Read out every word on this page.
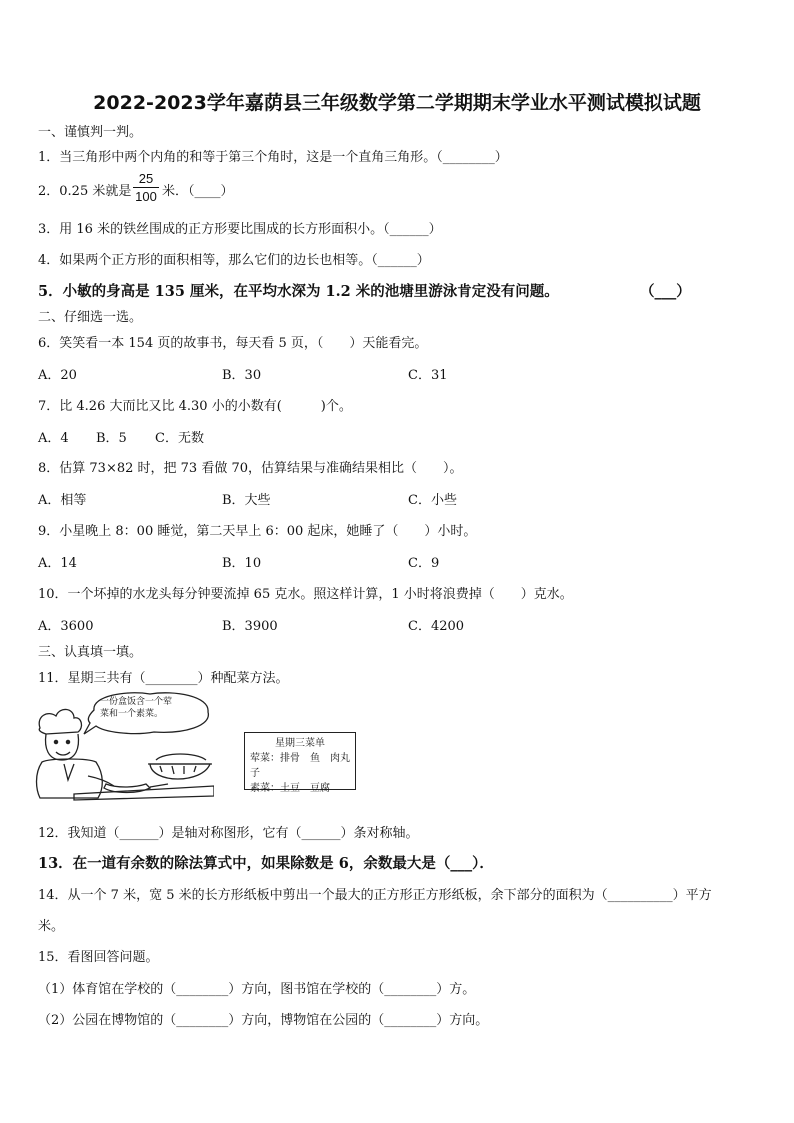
2022-2023学年嘉荫县三年级数学第二学期期末学业水平测试模拟试题
一、谨慎判一判。
1．当三角形中两个内角的和等于第三个角时，这是一个直角三角形。（________）
2．0.25 米就是
25
100 米．（____）
3．用 16 米的铁丝围成的正方形要比围成的长方形面积小。（______）
4．如果两个正方形的面积相等，那么它们的边长也相等。（______）
5．小敏的身高是 135 厘米，在平均水深为 1.2 米的池塘里游泳肯定没有问题。	（___）
二、仔细选一选。
6．笑笑看一本 154 页的故事书，每天看 5 页，（　　）天能看完。
A．20	B．30	C．31
7．比 4.26 大而比又比 4.30 小的小数有(　　　)个。
A．4 B．5 C．无数
8．估算 73×82 时，把 73 看做 70，估算结果与准确结果相比（　　）。
A．相等	B．大些	C．小些
9．小星晚上 8：00 睡觉，第二天早上 6：00 起床，她睡了（　　）小时。
A．14	B．10	C．9
10．一个坏掉的水龙头每分钟要流掉 65 克水。照这样计算，1 小时将浪费掉（　　）克水。
A．3600	B．3900	C．4200
三、认真填一填。
11．星期三共有（________）种配菜方法。
一份盒饭含一个荤
菜和一个素菜。
星期三菜单
荤菜：排骨　鱼　肉丸子
素菜：土豆　豆腐
12．我知道（______）是轴对称图形，它有（______）条对称轴。
13．在一道有余数的除法算式中，如果除数是 6，余数最大是（___）．
14．从一个 7 米，宽 5 米的长方形纸板中剪出一个最大的正方形正方形纸板，余下部分的面积为（__________）平方
米。
15．看图回答问题。
（1）体育馆在学校的（________）方向，图书馆在学校的（________）方。
（2）公园在博物馆的（________）方向，博物馆在公园的（________）方向。
